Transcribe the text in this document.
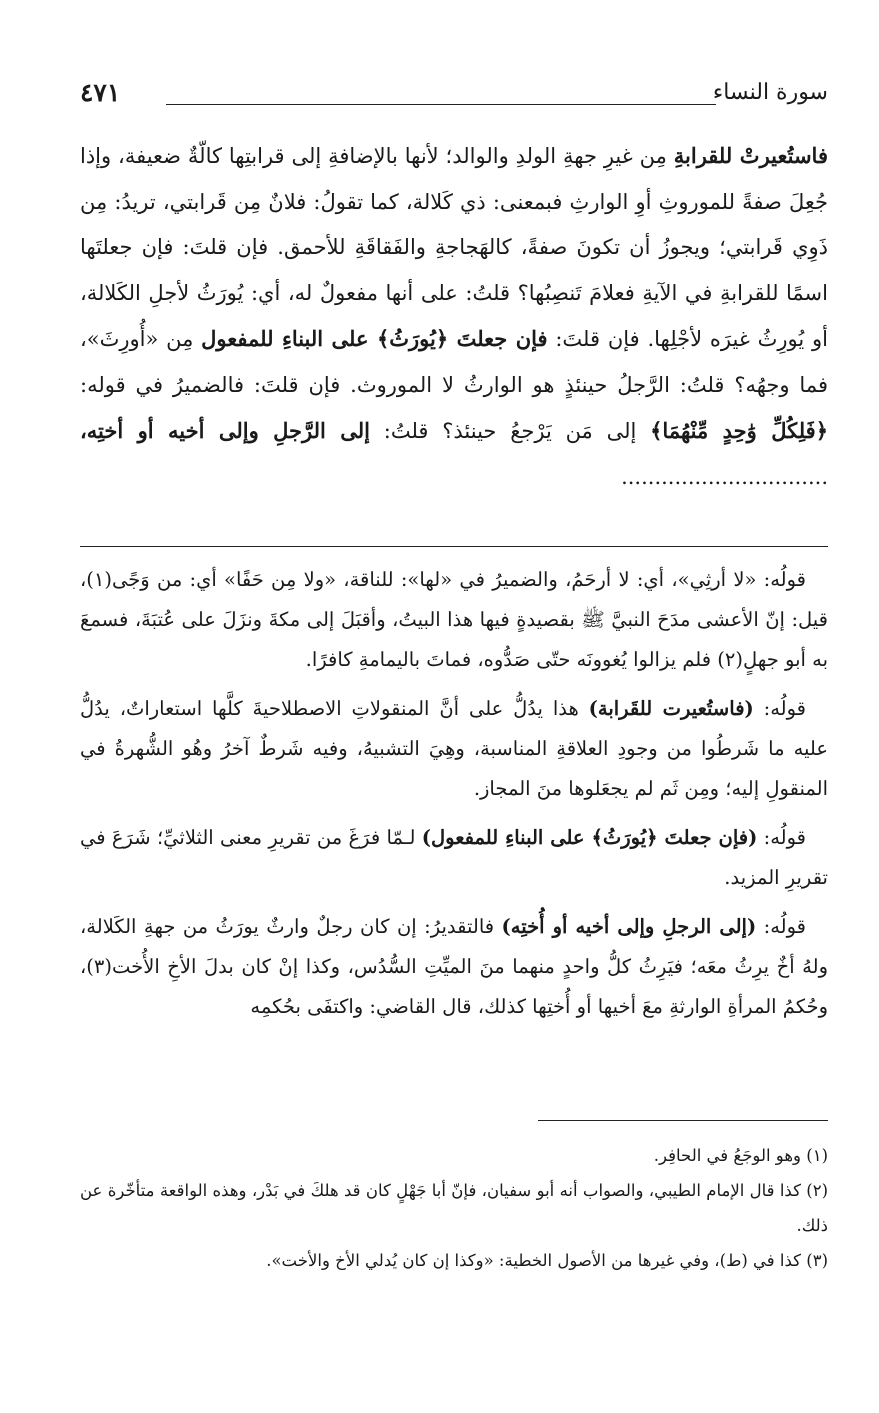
سورة النساء
٤٧١

فاستُعيرتْ للقرابةِ مِن غيرِ جهةِ الولدِ والوالد؛ لأنها بالإضافةِ إلى قرابتِها كالّةٌ ضعيفة، وإذا جُعِلَ صفةً للموروثِ أوِ الوارثِ فبمعنى: ذي كَلالة، كما تقولُ: فلانٌ مِن قَرابتي، تريدُ: مِن ذَوِي قَرابتي؛ ويجوزُ أن تكونَ صفةً، كالهَجاجةِ والفَقاقَةِ للأحمق. فإن قلتَ: فإن جعلتَها اسمًا للقرابةِ في الآيةِ فعلامَ تَنصِبُها؟ قلتُ: على أنها مفعولٌ له، أي: يُورَثُ لأجلِ الكَلالة، أو يُورِثُ غيرَه لأجْلِها. فإن قلتَ: فإن جعلتَ ﴿يُورَثُ﴾ على البناءِ للمفعول مِن «أُورِثَ»، فما وجهُه؟ قلتُ: الرَّجلُ حينئذٍ هو الوارثُ لا الموروث. فإن قلتَ: فالضميرُ في قوله: ﴿فَلِكُلِّ وَٰحِدٍ مِّنْهُمَا﴾ إلى مَن يَرْجعُ حينئذ؟ قلتُ: إلى الرَّجلِ وإلى أخيه أو أختِه، ...............................

قولُه: «لا أرثِي»، أي: لا أرحَمُ، والضميرُ في «لها»: للناقة، «ولا مِن حَفًا» أي: من وَجًى(١)، قيل: إنّ الأعشى مدَحَ النبيَّ ﷺ بقصيدةٍ فيها هذا البيتُ، وأقبَلَ إلى مكةَ ونزَلَ على عُتبَةَ، فسمعَ به أبو جهلٍ(٢) فلم يزالوا يُغوونَه حتّى صَدُّوه، فماتَ باليمامةِ كافرًا.

قولُه: (فاستُعيرت للقَرابة) هذا يدُلُّ على أنَّ المنقولاتِ الاصطلاحيةَ كلَّها استعاراتٌ، يدُلُّ عليه ما شَرطُوا من وجودِ العلاقةِ المناسبة، وهِيَ التشبيهُ، وفيه شَرطٌ آخرُ وهُو الشُّهرةُ في المنقولِ إليه؛ ومِن ثَم لم يجعَلوها منَ المجاز.

قولُه: (فإن جعلتَ ﴿يُورَثُ﴾ على البناءِ للمفعول) لـمّا فرَغَ من تقريرِ معنى الثلاثيِّ؛ شَرَعَ في تقريرِ المزيد.

قولُه: (إلى الرجلِ وإلى أخيه أو أُختِه) فالتقديرُ: إن كان رجلٌ وارثٌ يورَثُ من جهةِ الكَلالة، ولهُ أخٌ يرِثُ معَه؛ فيَرِثُ كلُّ واحدٍ منهما منَ الميِّتِ السُّدُس، وكذا إنْ كان بدلَ الأخِ الأُخت(٣)، وحُكمُ المرأةِ الوارثةِ معَ أخيها أو أُختِها كذلك، قال القاضي: واكتفَى بحُكمِه

(١) وهو الوجَعُ في الحافِر.

(٢) كذا قال الإمام الطيبي، والصواب أنه أبو سفيان، فإنّ أبا جَهْلٍ كان قد هلكَ في بَدْر، وهذه الواقعة متأخّرة عن ذلك.

(٣) كذا في (ط)، وفي غيرها من الأصول الخطية: «وكذا إن كان يُدلي الأخ والأخت».
